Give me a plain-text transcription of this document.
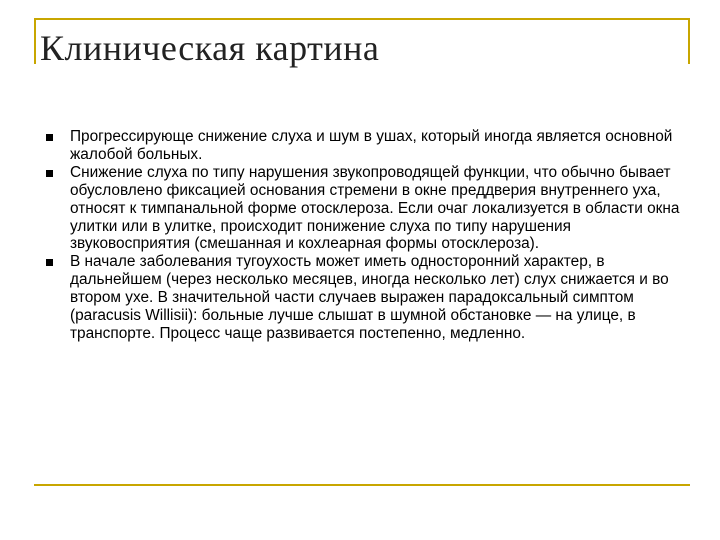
Клиническая картина
Прогрессирующе снижение слуха и шум в ушах, который иногда является основной жалобой больных.
Снижение слуха по типу нарушения звукопроводящей функции, что обычно бывает обусловлено фиксацией основания стремени в окне преддверия внутреннего уха, относят к тимпанальной форме отосклероза. Если очаг локализуется в области окна улитки или в улитке, происходит понижение слуха по типу нарушения звуковосприятия (смешанная и кохлеарная формы отосклероза).
В начале заболевания тугоухость может иметь односторонний характер, в дальнейшем (через несколько месяцев, иногда несколько лет) слух снижается и во втором ухе. В значительной части случаев выражен парадоксальный симптом (paracusis Willisii): больные лучше слышат в шумной обстановке — на улице, в транспорте. Процесс чаще развивается постепенно, медленно.
